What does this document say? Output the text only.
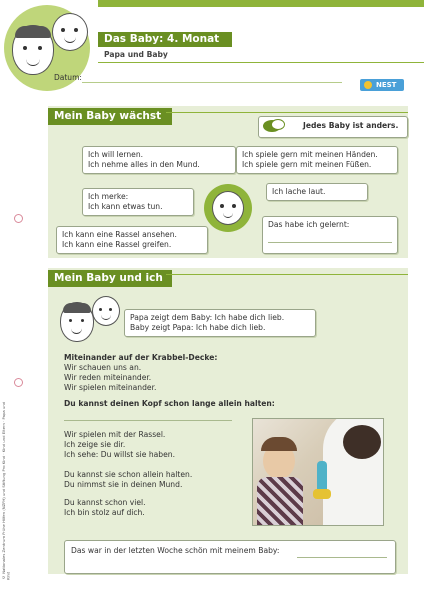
Das Baby: 4. Monat
Papa und Baby
Datum:
NEST
Mein Baby wächst
Jedes Baby ist anders.
Ich will lernen.
Ich nehme alles in den Mund.
Ich spiele gern mit meinen Händen.
Ich spiele gern mit meinen Füßen.
Ich merke:
Ich kann etwas tun.
Ich lache laut.
Ich kann eine Rassel ansehen.
Ich kann eine Rassel greifen.
Das habe ich gelernt:
Mein Baby und ich
Papa zeigt dem Baby: Ich habe dich lieb.
Baby zeigt Papa: Ich habe dich lieb.
Miteinander auf der Krabbel-Decke:
Wir schauen uns an.
Wir reden miteinander.
Wir spielen miteinander.
Du kannst deinen Kopf schon lange allein halten:
Wir spielen mit der Rassel.
Ich zeige sie dir.
Ich sehe: Du willst sie haben.
Du kannst sie schon allein halten.
Du nimmst sie in deinen Mund.
Du kannst schon viel.
Ich bin stolz auf dich.
Das war in der letzten Woche schön mit meinem Baby:
© Nationales Zentrum Frühe Hilfen (NZFH) und Stiftung Pro Kind · Kind und Eltern · Papa und Kind
